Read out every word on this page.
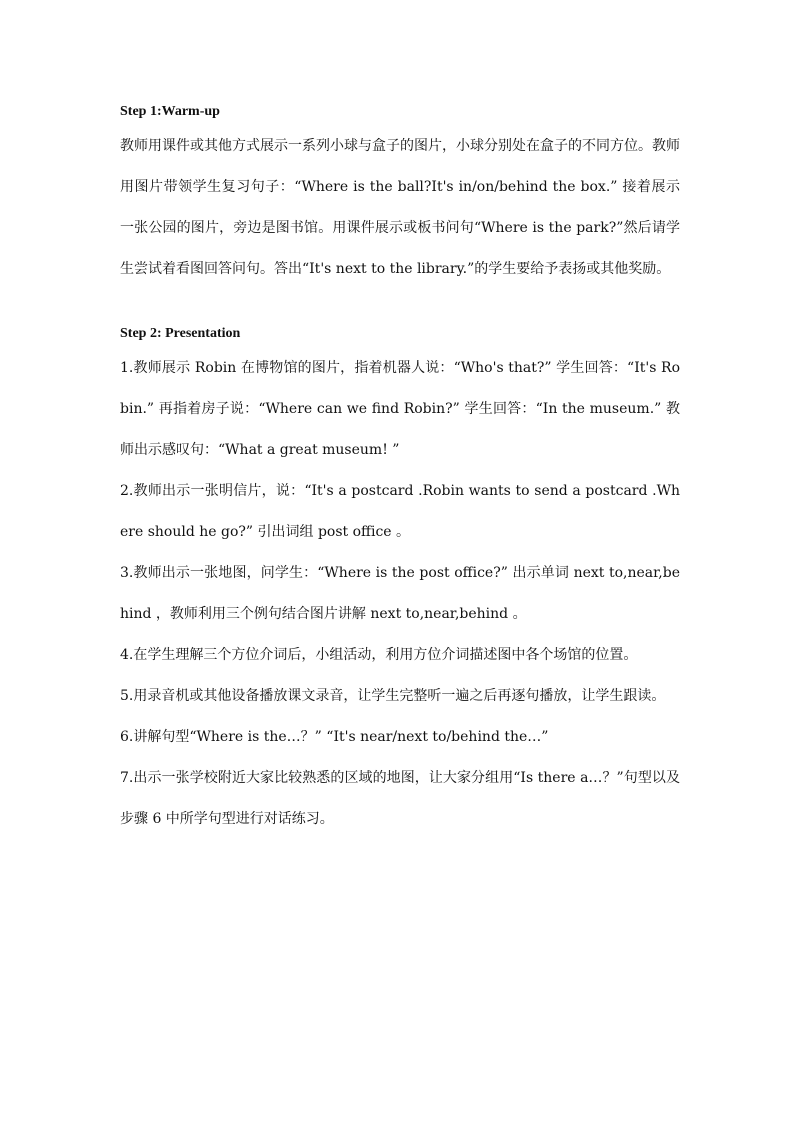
Step 1:Warm-up

教师用课件或其他方式展示一系列小球与盒子的图片，小球分别处在盒子的不同方位。教师用图片带领学生复习句子：“Where is the ball?It's in/on/behind the box.” 接着展示一张公园的图片，旁边是图书馆。用课件展示或板书问句“Where is the park?”然后请学生尝试着看图回答问句。答出“It's next to the library.”的学生要给予表扬或其他奖励。

Step 2: Presentation

1.教师展示 Robin 在博物馆的图片，指着机器人说：“Who's that?” 学生回答：“It's Robin.” 再指着房子说：“Where can we find Robin?” 学生回答：“In the museum.” 教师出示感叹句：“What a great museum! ”

2.教师出示一张明信片，说：“It's a postcard .Robin wants to send a postcard .Where should he go?” 引出词组 post office 。

3.教师出示一张地图，问学生：“Where is the post office?” 出示单词 next to,near,behind ，教师利用三个例句结合图片讲解 next to,near,behind 。

4.在学生理解三个方位介词后，小组活动，利用方位介词描述图中各个场馆的位置。

5.用录音机或其他设备播放课文录音，让学生完整听一遍之后再逐句播放，让学生跟读。

6.讲解句型“Where is the…？” “It's near/next to/behind the…”

7.出示一张学校附近大家比较熟悉的区域的地图，让大家分组用“Is there a…？”句型以及步骤 6 中所学句型进行对话练习。
